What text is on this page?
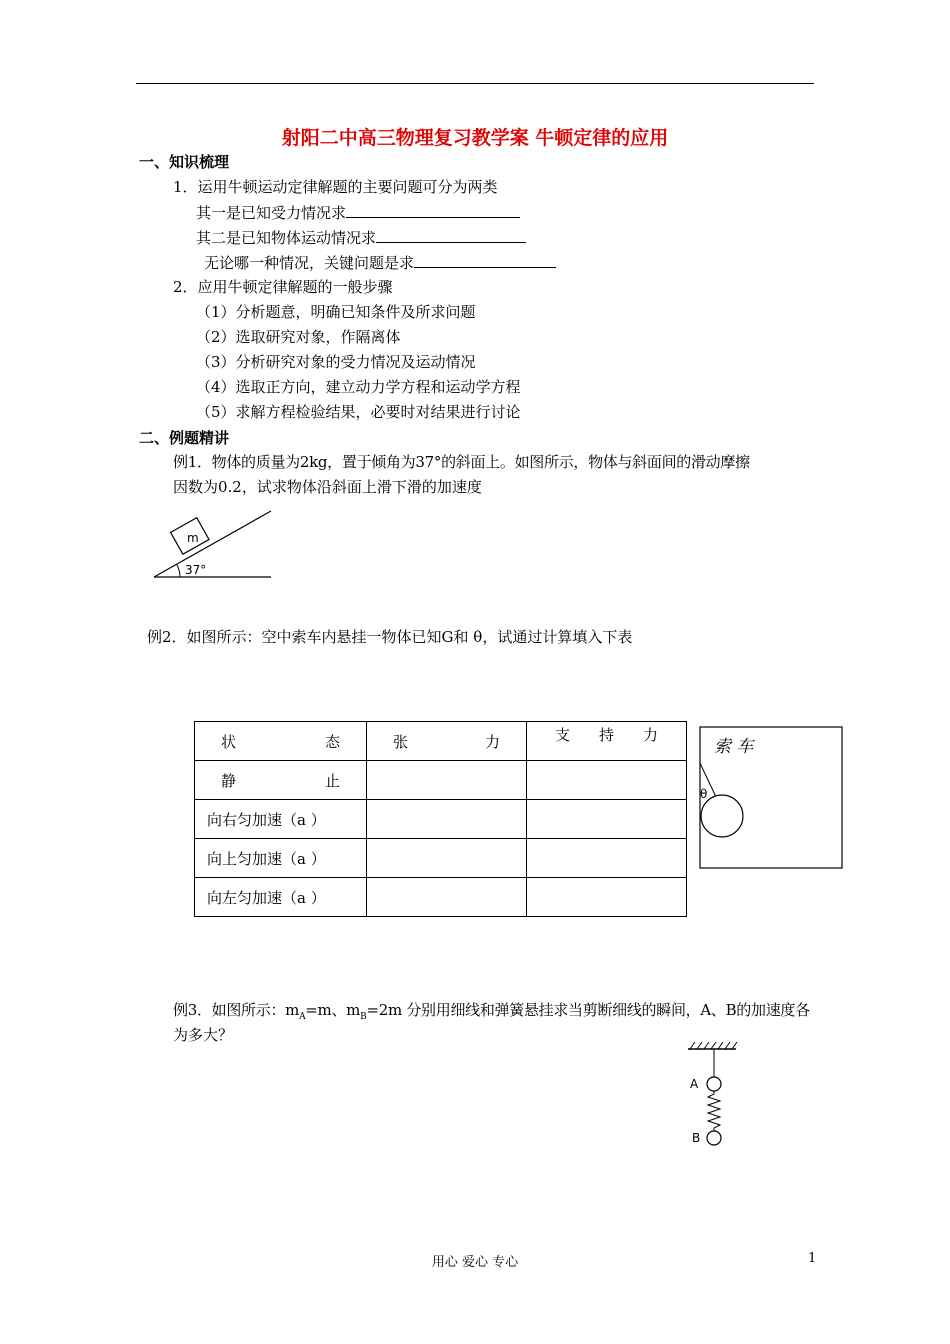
射阳二中高三物理复习教学案 牛顿定律的应用
一、知识梳理
1．运用牛顿运动定律解题的主要问题可分为两类
其一是已知受力情况求
其二是已知物体运动情况求
无论哪一种情况，关键问题是求
2．应用牛顿定律解题的一般步骤
（1）分析题意，明确已知条件及所求问题
（2）选取研究对象，作隔离体
（3）分析研究对象的受力情况及运动情况
（4）选取正方向，建立动力学方程和运动学方程
（5）求解方程检验结果，必要时对结果进行讨论
二、例题精讲
例1．物体的质量为2kg，置于倾角为37°的斜面上。如图所示，物体与斜面间的滑动摩擦
因数为0.2，试求物体沿斜面上滑下滑的加速度
m
37°
例2．如图所示：空中索车内悬挂一物体已知G和 θ，试通过计算填入下表
状 态	张 力	支 持 力

静 止		

向右匀加速（a ）		
向上匀加速（a ）		
向左匀加速（a ）		
索 车
θ
例3．如图所示：$m_A=m$、$m_B=2m$ 分别用细线和弹簧悬挂求当剪断细线的瞬间，A、B的加速度各
为多大？
A
B
用心 爱心 专心	1
